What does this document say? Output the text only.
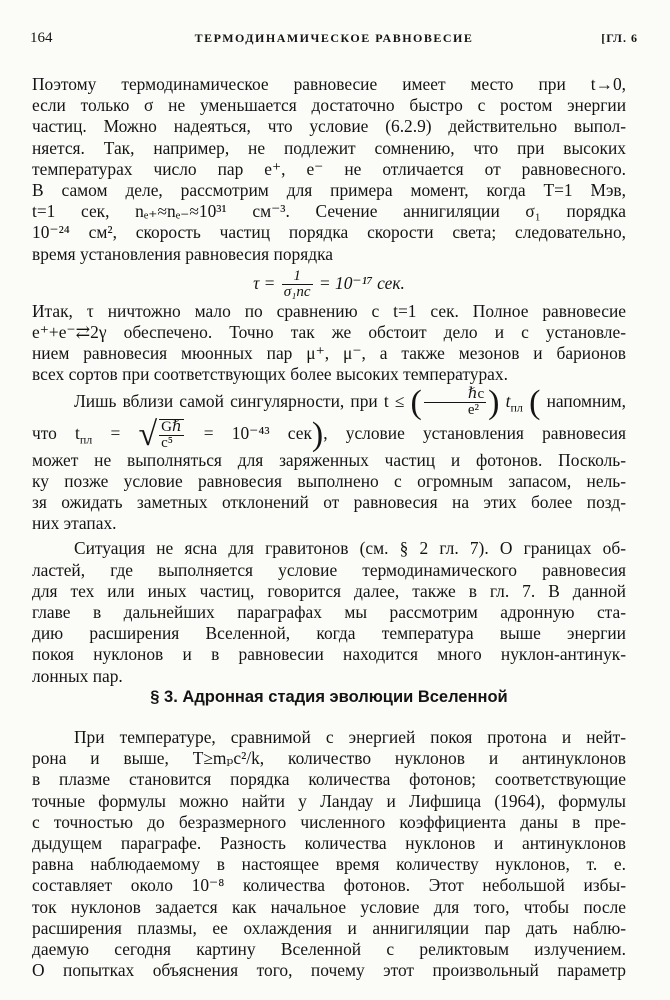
164	ТЕРМОДИНАМИЧЕСКОЕ РАВНОВЕСИЕ	[ГЛ. 6
Поэтому термодинамическое равновесие имеет место при t→0,
если только σ не уменьшается достаточно быстро с ростом энергии
частиц. Можно надеяться, что условие (6.2.9) действительно выпол-
няется. Так, например, не подлежит сомнению, что при высоких
температурах число пар e⁺, e⁻ не отличается от равновесного.
В самом деле, рассмотрим для примера момент, когда T=1 Мэв,
t=1 сек, nₑ₊≈nₑ₋≈10³¹ см⁻³. Сечение аннигиляции σ₁ порядка
10⁻²⁴ см², скорость частиц порядка скорости света; следовательно,
время установления равновесия порядка
$\tau = \frac{1}{\text{σ₁nc}} = 10^{-17}$ сек.
Итак, τ ничтожно мало по сравнению с t=1 сек. Полное равновесие
e⁺+e⁻⇄2γ обеспечено. Точно так же обстоит дело и с установле-
нием равновесия мюонных пар μ⁺, μ⁻, а также мезонов и барионов
всех сортов при соответствующих более высоких температурах.
Лишь вблизи самой сингулярности, при t ≤ ( $\frac{\text{ℏc}}{\text{e²}}$ ) $t_{пл}$ ( напомним,
что $t_{пл}$ = √ $\frac{\text{Gℏ}}{\text{c⁵}} = 10^{-43}$ сек), условие установления равновесия
может не выполняться для заряженных частиц и фотонов. Посколь-
ку позже условие равновесия выполнено с огромным запасом, нель-
зя ожидать заметных отклонений от равновесия на этих более позд-
них этапах.
Ситуация не ясна для гравитонов (см. § 2 гл. 7). О границах об-
ластей, где выполняется условие термодинамического равновесия
для тех или иных частиц, говорится далее, также в гл. 7. В данной
главе в дальнейших параграфах мы рассмотрим адронную ста-
дию расширения Вселенной, когда температура выше энергии
покоя нуклонов и в равновесии находится много нуклон-антинук-
лонных пар.
§ 3. Адронная стадия эволюции Вселенной
При температуре, сравнимой с энергией покоя протона и нейт-
рона и выше, T≥mₚc²/k, количество нуклонов и антинуклонов
в плазме становится порядка количества фотонов; соответствующие
точные формулы можно найти у Ландау и Лифшица (1964), формулы
с точностью до безразмерного численного коэффициента даны в пре-
дыдущем параграфе. Разность количества нуклонов и антинуклонов
равна наблюдаемому в настоящее время количеству нуклонов, т. е.
составляет около 10⁻⁸ количества фотонов. Этот небольшой избы-
ток нуклонов задается как начальное условие для того, чтобы после
расширения плазмы, ее охлаждения и аннигиляции пар дать наблю-
даемую сегодня картину Вселенной с реликтовым излучением.
О попытках объяснения того, почему этот произвольный параметр
